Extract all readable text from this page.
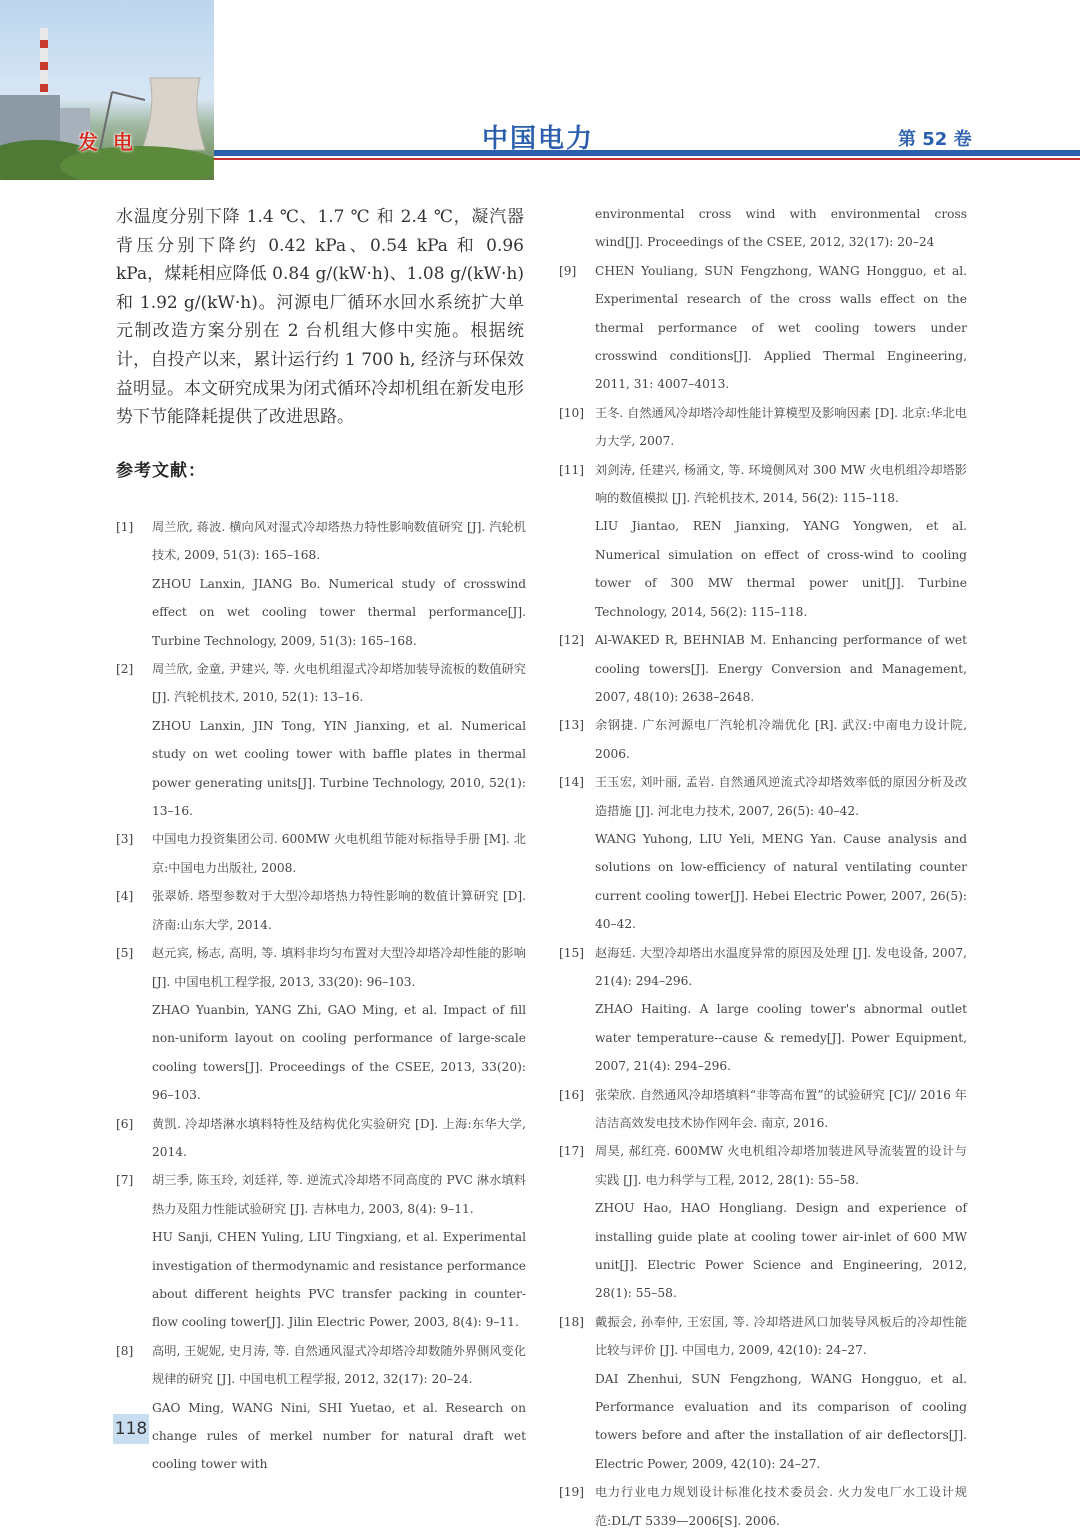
发 电	中国电力	第 52 卷
水温度分别下降 1.4 ℃、1.7 ℃ 和 2.4 ℃，凝汽器背压分别下降约 0.42 kPa、0.54 kPa 和 0.96 kPa，煤耗相应降低 0.84 g/(kW·h)、1.08 g/(kW·h) 和 1.92 g/(kW·h)。河源电厂循环水回水系统扩大单元制改造方案分别在 2 台机组大修中实施。根据统计，自投产以来，累计运行约 1 700 h, 经济与环保效益明显。本文研究成果为闭式循环冷却机组在新发电形势下节能降耗提供了改进思路。
参考文献：
[1]	周兰欣, 蒋波. 横向风对湿式冷却塔热力特性影响数值研究 [J]. 汽轮机技术, 2009, 51(3): 165–168.
ZHOU Lanxin, JIANG Bo. Numerical study of crosswind effect on wet cooling tower thermal performance[J]. Turbine Technology, 2009, 51(3): 165–168.
[2]	周兰欣, 金童, 尹建兴, 等. 火电机组湿式冷却塔加装导流板的数值研究 [J]. 汽轮机技术, 2010, 52(1): 13–16.
ZHOU Lanxin, JIN Tong, YIN Jianxing, et al. Numerical study on wet cooling tower with baffle plates in thermal power generating units[J]. Turbine Technology, 2010, 52(1): 13–16.
[3]	中国电力投资集团公司. 600MW 火电机组节能对标指导手册 [M]. 北京:中国电力出版社, 2008.
[4]	张翠娇. 塔型参数对于大型冷却塔热力特性影响的数值计算研究 [D]. 济南:山东大学, 2014.
[5]	赵元宾, 杨志, 高明, 等. 填料非均匀布置对大型冷却塔冷却性能的影响 [J]. 中国电机工程学报, 2013, 33(20): 96–103.
ZHAO Yuanbin, YANG Zhi, GAO Ming, et al. Impact of fill non-uniform layout on cooling performance of large-scale cooling towers[J]. Proceedings of the CSEE, 2013, 33(20): 96–103.
[6]	黄凯. 冷却塔淋水填料特性及结构优化实验研究 [D]. 上海:东华大学, 2014.
[7]	胡三季, 陈玉玲, 刘廷祥, 等. 逆流式冷却塔不同高度的 PVC 淋水填料热力及阻力性能试验研究 [J]. 吉林电力, 2003, 8(4): 9–11.
HU Sanji, CHEN Yuling, LIU Tingxiang, et al. Experimental investigation of thermodynamic and resistance performance about different heights PVC transfer packing in counter-flow cooling tower[J]. Jilin Electric Power, 2003, 8(4): 9–11.
[8]	高明, 王妮妮, 史月涛, 等. 自然通风湿式冷却塔冷却数随外界侧风变化规律的研究 [J]. 中国电机工程学报, 2012, 32(17): 20–24.
GAO Ming, WANG Nini, SHI Yuetao, et al. Research on change rules of merkel number for natural draft wet cooling tower with
environmental cross wind with environmental cross wind[J]. Proceedings of the CSEE, 2012, 32(17): 20–24
[9]	CHEN Youliang, SUN Fengzhong, WANG Hongguo, et al. Experimental research of the cross walls effect on the thermal performance of wet cooling towers under crosswind conditions[J]. Applied Thermal Engineering, 2011, 31: 4007–4013.
[10] 王冬. 自然通风冷却塔冷却性能计算模型及影响因素 [D]. 北京:华北电力大学, 2007.
[11] 刘剑涛, 任建兴, 杨涌文, 等. 环境侧风对 300 MW 火电机组冷却塔影响的数值模拟 [J]. 汽轮机技术, 2014, 56(2): 115–118.
LIU Jiantao, REN Jianxing, YANG Yongwen, et al. Numerical simulation on effect of cross-wind to cooling tower of 300 MW thermal power unit[J]. Turbine Technology, 2014, 56(2): 115–118.
[12] Al-WAKED R, BEHNIAB M. Enhancing performance of wet cooling towers[J]. Energy Conversion and Management, 2007, 48(10): 2638–2648.
[13] 余钢捷. 广东河源电厂汽轮机冷端优化 [R]. 武汉:中南电力设计院, 2006.
[14] 王玉宏, 刘叶丽, 孟岩. 自然通风逆流式冷却塔效率低的原因分析及改造措施 [J]. 河北电力技术, 2007, 26(5): 40–42.
WANG Yuhong, LIU Yeli, MENG Yan. Cause analysis and solutions on low-efficiency of natural ventilating counter current cooling tower[J]. Hebei Electric Power, 2007, 26(5): 40–42.
[15] 赵海廷. 大型冷却塔出水温度异常的原因及处理 [J]. 发电设备, 2007, 21(4): 294–296.
ZHAO Haiting. A large cooling tower's abnormal outlet water temperature--cause & remedy[J]. Power Equipment, 2007, 21(4): 294–296.
[16] 张荣欣. 自然通风冷却塔填料“非等高布置”的试验研究 [C]// 2016 年洁洁高效发电技术协作网年会. 南京, 2016.
[17] 周昊, 郝红亮. 600MW 火电机组冷却塔加装进风导流装置的设计与实践 [J]. 电力科学与工程, 2012, 28(1): 55–58.
ZHOU Hao, HAO Hongliang. Design and experience of installing guide plate at cooling tower air-inlet of 600 MW unit[J]. Electric Power Science and Engineering, 2012, 28(1): 55–58.
[18] 戴振会, 孙奉仲, 王宏国, 等. 冷却塔进风口加装导风板后的冷却性能比较与评价 [J]. 中国电力, 2009, 42(10): 24–27.
DAI Zhenhui, SUN Fengzhong, WANG Hongguo, et al. Performance evaluation and its comparison of cooling towers before and after the installation of air deflectors[J]. Electric Power, 2009, 42(10): 24–27.
[19] 电力行业电力规划设计标准化技术委员会. 火力发电厂水工设计规范:DL/T 5339—2006[S]. 2006.
118
